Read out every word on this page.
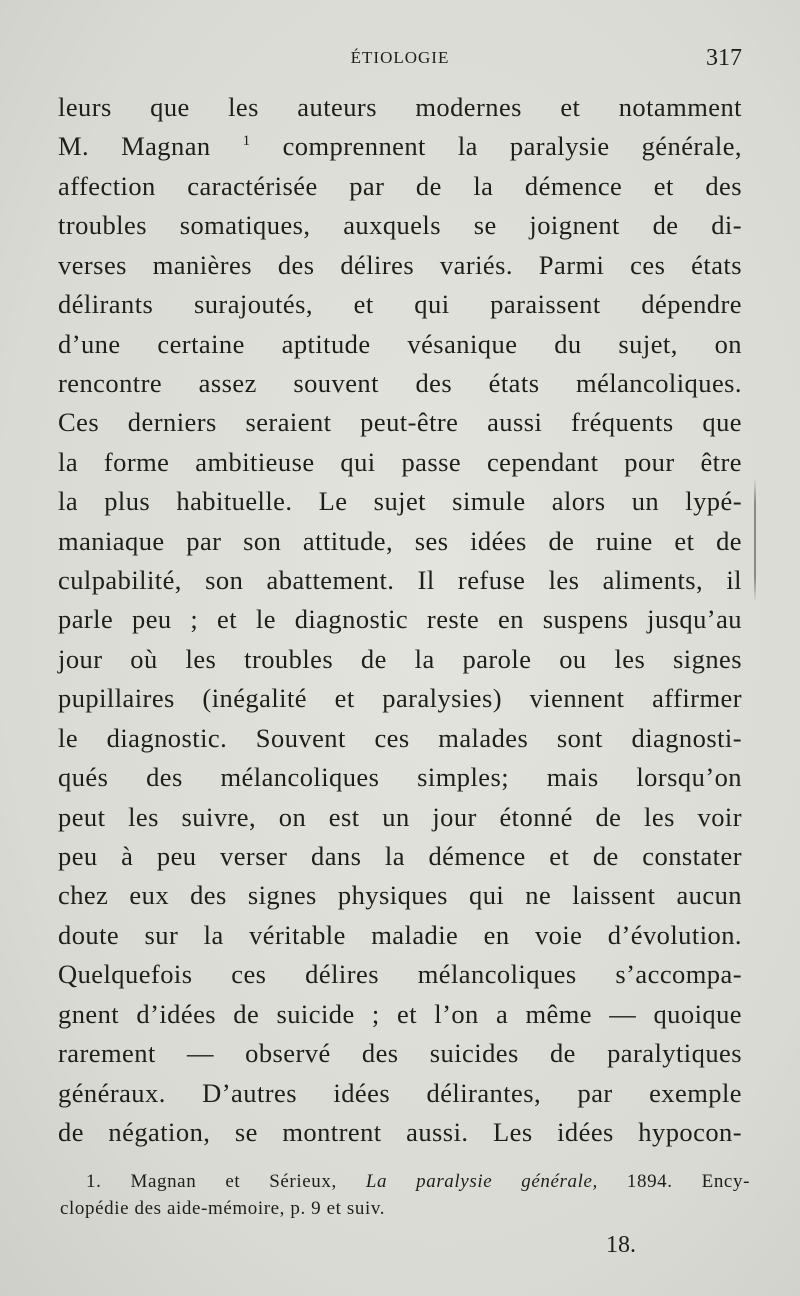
ÉTIOLOGIE	317
leurs que les auteurs modernes et notamment
M. Magnan $^1$ comprennent la paralysie générale,
affection caractérisée par de la démence et des
troubles somatiques, auxquels se joignent de di-
verses manières des délires variés. Parmi ces états
délirants surajoutés, et qui paraissent dépendre
d’une certaine aptitude vésanique du sujet, on
rencontre assez souvent des états mélancoliques.
Ces derniers seraient peut-être aussi fréquents que
la forme ambitieuse qui passe cependant pour être
la plus habituelle. Le sujet simule alors un lypé-
maniaque par son attitude, ses idées de ruine et de
culpabilité, son abattement. Il refuse les aliments, il
parle peu ; et le diagnostic reste en suspens jusqu’au
jour où les troubles de la parole ou les signes
pupillaires (inégalité et paralysies) viennent affirmer
le diagnostic. Souvent ces malades sont diagnosti-
qués des mélancoliques simples; mais lorsqu’on
peut les suivre, on est un jour étonné de les voir
peu à peu verser dans la démence et de constater
chez eux des signes physiques qui ne laissent aucun
doute sur la véritable maladie en voie d’évolution.
Quelquefois ces délires mélancoliques s’accompa-
gnent d’idées de suicide ; et l’on a même — quoique
rarement — observé des suicides de paralytiques
généraux. D’autres idées délirantes, par exemple
de négation, se montrent aussi. Les idées hypocon-
1. Magnan et Sérieux, La paralysie générale, 1894. Ency-
clopédie des aide-mémoire, p. 9 et suiv.
18.
